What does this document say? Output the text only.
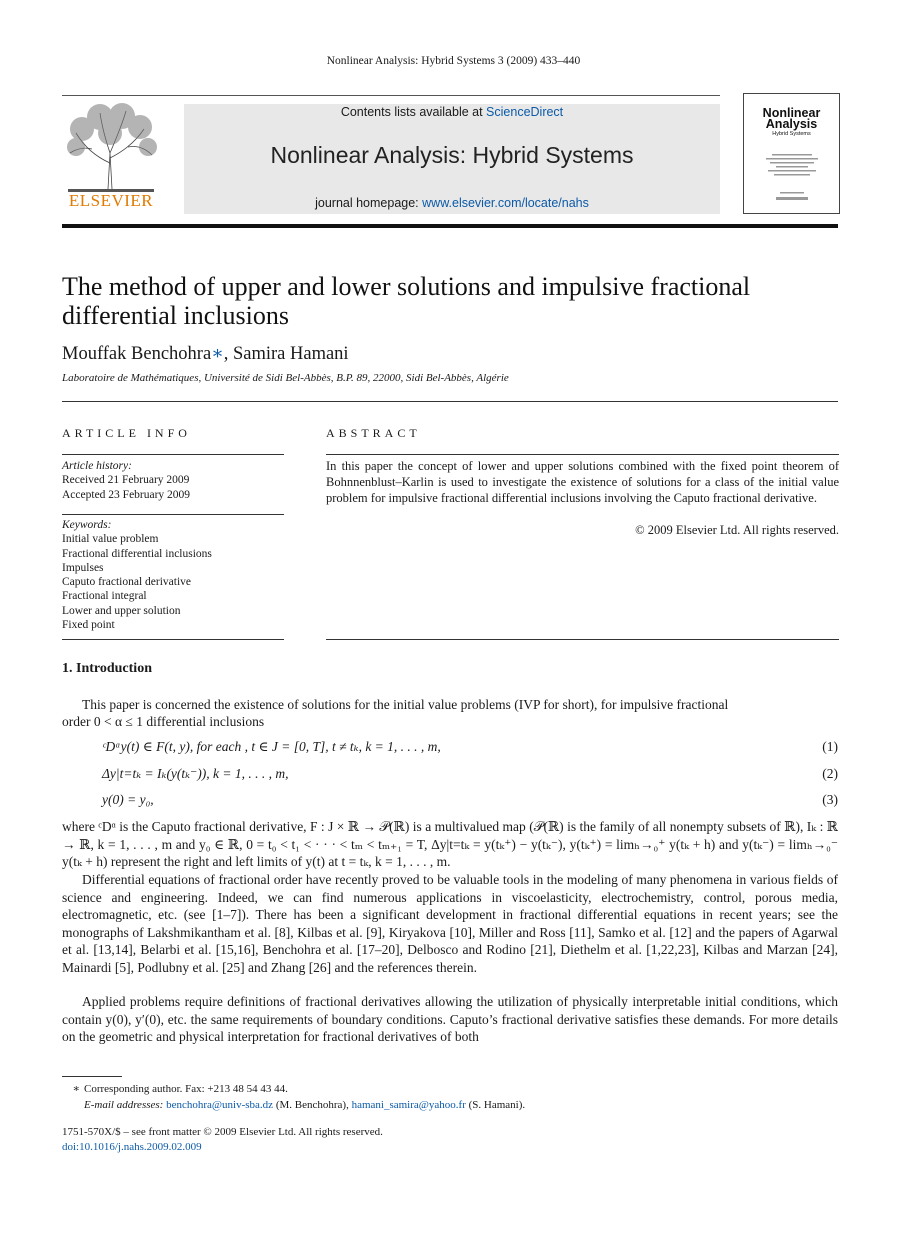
Nonlinear Analysis: Hybrid Systems 3 (2009) 433–440
ELSEVIER
Contents lists available at ScienceDirect
Nonlinear Analysis: Hybrid Systems
journal homepage: www.elsevier.com/locate/nahs
Nonlinear
Analysis
Hybrid Systems
The method of upper and lower solutions and impulsive fractional differential inclusions
Mouffak Benchohra∗, Samira Hamani
Laboratoire de Mathématiques, Université de Sidi Bel-Abbès, B.P. 89, 22000, Sidi Bel-Abbès, Algérie
ARTICLE INFO
Article history:
Received 21 February 2009
Accepted 23 February 2009
Keywords:
Initial value problem
Fractional differential inclusions
Impulses
Caputo fractional derivative
Fractional integral
Lower and upper solution
Fixed point
ABSTRACT
In this paper the concept of lower and upper solutions combined with the fixed point theorem of Bohnnenblust–Karlin is used to investigate the existence of solutions for a class of the initial value problem for impulsive fractional differential inclusions involving the Caputo fractional derivative.
© 2009 Elsevier Ltd. All rights reserved.
1. Introduction
This paper is concerned the existence of solutions for the initial value problems (IVP for short), for impulsive fractional
order 0 < α ≤ 1 differential inclusions
ᶜDᵅy(t) ∈ F(t, y), for each , t ∈ J = [0, T], t ≠ tₖ, k = 1, . . . , m,	(1)
Δy|t=tₖ = Iₖ(y(tₖ⁻)), k = 1, . . . , m,	(2)
y(0) = y₀,	(3)
where ᶜDᵅ is the Caputo fractional derivative, F : J × ℝ → 𝒫(ℝ) is a multivalued map (𝒫(ℝ) is the family of all nonempty subsets of ℝ), Iₖ : ℝ → ℝ, k = 1, . . . , m and y₀ ∈ ℝ, 0 = t₀ < t₁ < · · · < tₘ < tₘ₊₁ = T, Δy|t=tₖ = y(tₖ⁺) − y(tₖ⁻), y(tₖ⁺) = limₕ→₀⁺ y(tₖ + h) and y(tₖ⁻) = limₕ→₀⁻ y(tₖ + h) represent the right and left limits of y(t) at t = tₖ, k = 1, . . . , m.
Differential equations of fractional order have recently proved to be valuable tools in the modeling of many phenomena in various fields of science and engineering. Indeed, we can find numerous applications in viscoelasticity, electrochemistry, control, porous media, electromagnetic, etc. (see [1–7]). There has been a significant development in fractional differential equations in recent years; see the monographs of Lakshmikantham et al. [8], Kilbas et al. [9], Kiryakova [10], Miller and Ross [11], Samko et al. [12] and the papers of Agarwal et al. [13,14], Belarbi et al. [15,16], Benchohra et al. [17–20], Delbosco and Rodino [21], Diethelm et al. [1,22,23], Kilbas and Marzan [24], Mainardi [5], Podlubny et al. [25] and Zhang [26] and the references therein.
Applied problems require definitions of fractional derivatives allowing the utilization of physically interpretable initial conditions, which contain y(0), y′(0), etc. the same requirements of boundary conditions. Caputo’s fractional derivative satisfies these demands. For more details on the geometric and physical interpretation for fractional derivatives of both
∗ Corresponding author. Fax: +213 48 54 43 44.
E-mail addresses: benchohra@univ-sba.dz (M. Benchohra), hamani_samira@yahoo.fr (S. Hamani).
1751-570X/$ – see front matter © 2009 Elsevier Ltd. All rights reserved.
doi:10.1016/j.nahs.2009.02.009
